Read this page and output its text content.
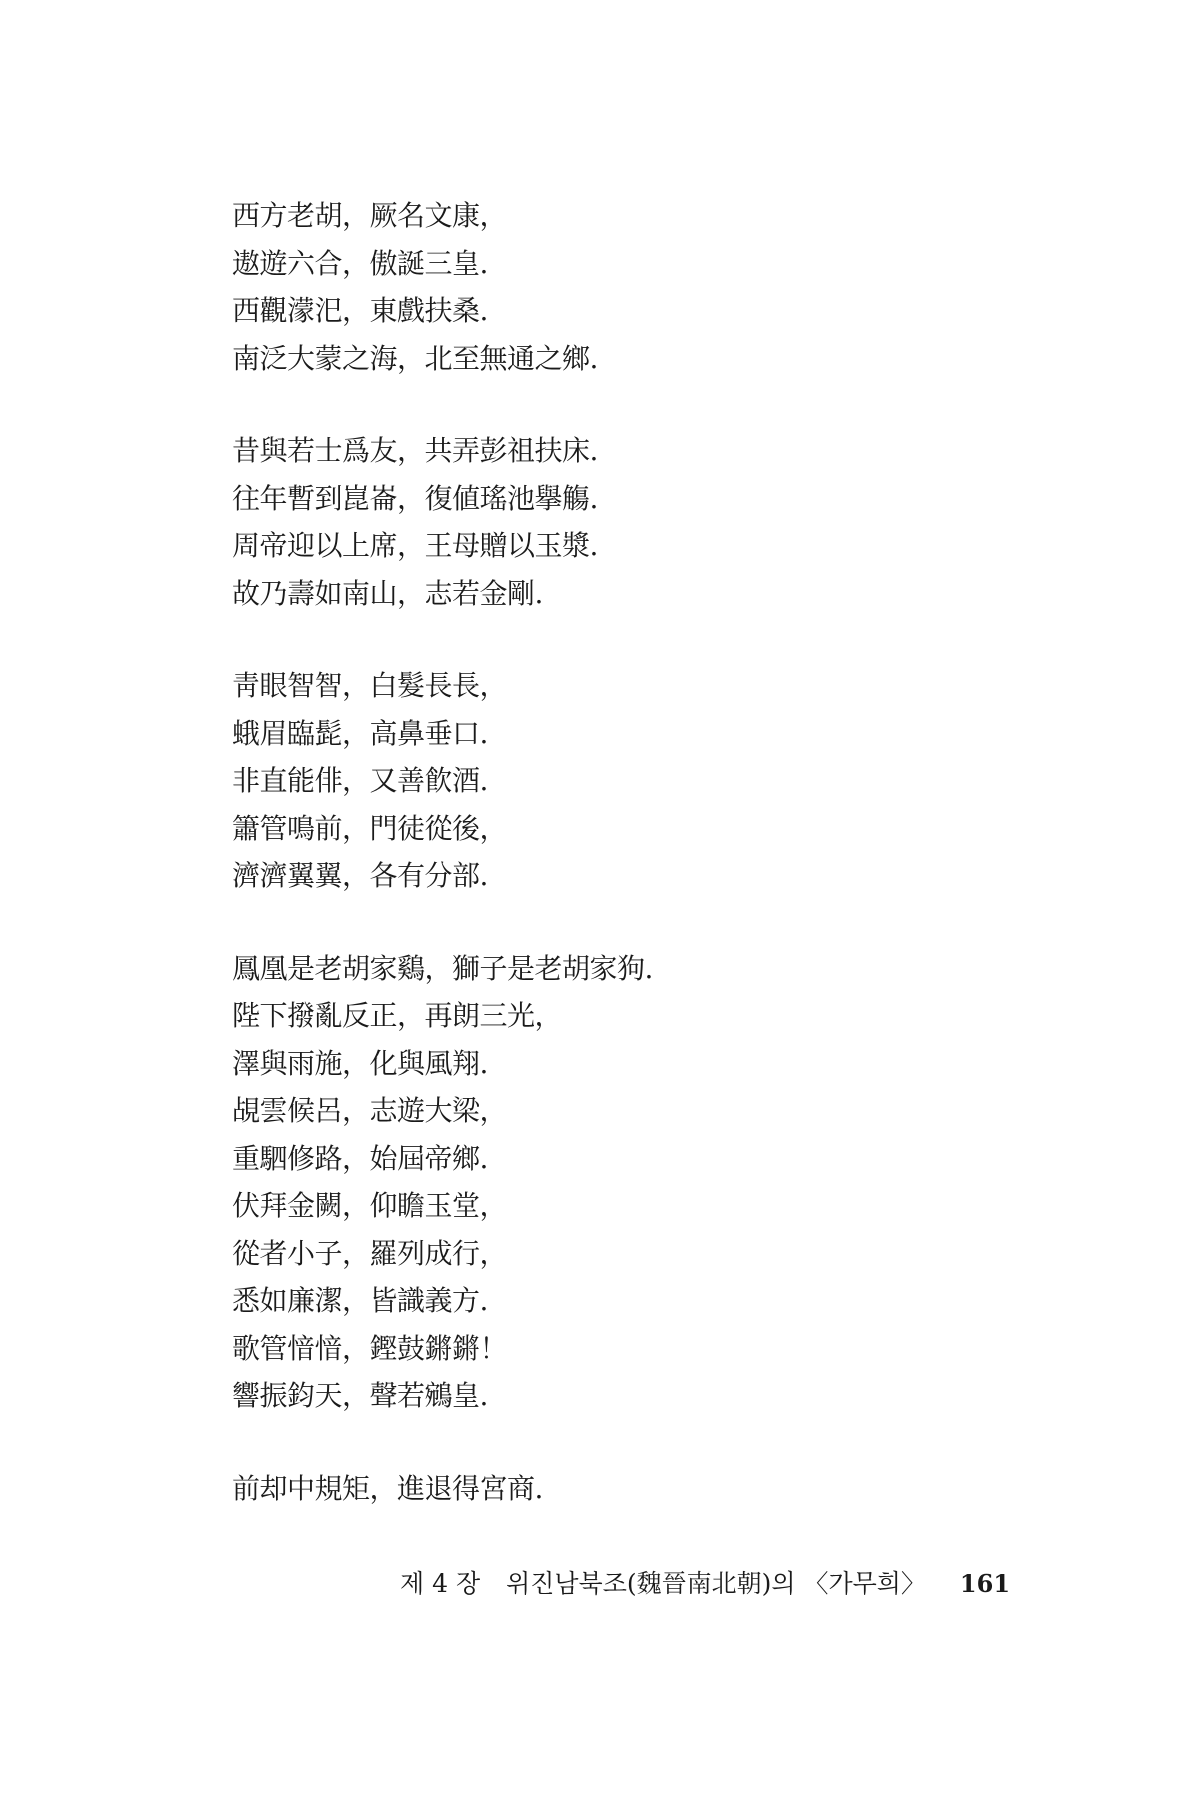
西方老胡，厥名文康，
遨遊六合，傲誕三皇.
西觀濛汜，東戲扶桑.
南泛大蒙之海，北至無通之鄉.
昔與若士爲友，共弄彭祖扶床.
往年暫到崑崙，復値瑤池擧觴.
周帝迎以上席，王母贈以玉漿.
故乃壽如南山，志若金剛.
靑眼智智，白髮長長，
蛾眉臨髭，高鼻垂口.
非直能俳，又善飮酒.
簫管鳴前，門徒從後，
濟濟翼翼，各有分部.
鳳凰是老胡家鷄，獅子是老胡家狗.
陛下撥亂反正，再朗三光，
澤與雨施，化與風翔.
覘雲候呂，志遊大梁，
重駟修路，始屆帝鄉.
伏拜金闕，仰瞻玉堂，
從者小子，羅列成行，
悉如廉潔，皆識義方.
歌管愔愔，鏗鼓鏘鏘！
響振鈞天，聲若鵷皇.
前却中規矩，進退得宮商.
제 4 장 위진남북조(魏晉南北朝)의 〈가무희〉 161
